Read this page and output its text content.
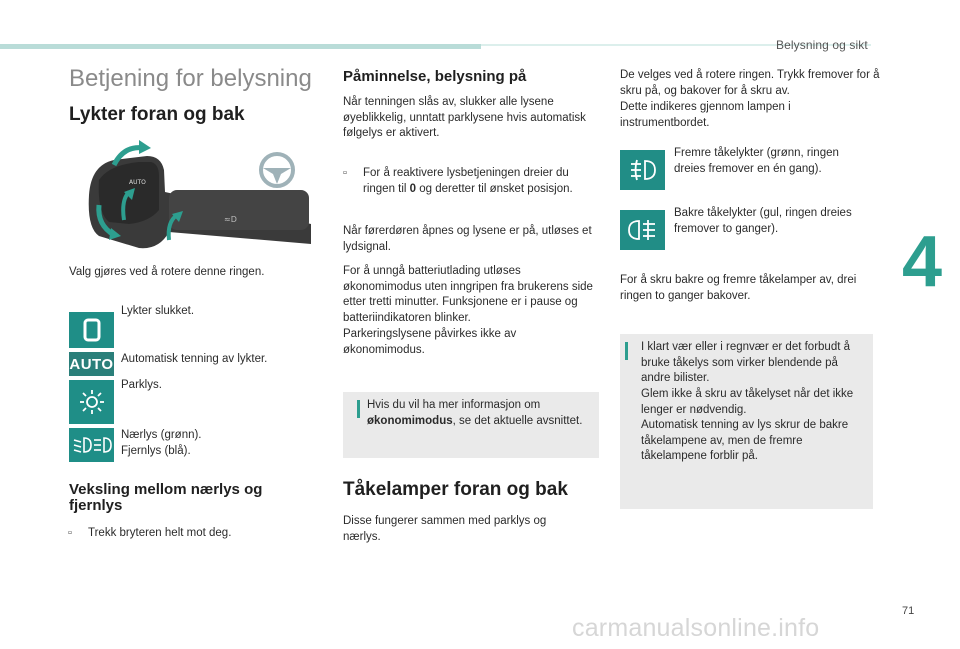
Belysning og sikt
4
71
carmanualsonline.info
Betjening for belysning
Lykter foran og bak
AUTO
≈D
Valg gjøres ved å rotere denne ringen.
Lykter slukket.
AUTO Automatisk tenning av lykter.
Parklys.
Nærlys (grønn).
Fjernlys (blå).
Veksling mellom nærlys og fjernlys
▫ Trekk bryteren helt mot deg.
Påminnelse, belysning på
Når tenningen slås av, slukker alle lysene øyeblikkelig, unntatt parklysene hvis automatisk følgelys er aktivert.
▫ For å reaktivere lysbetjeningen dreier du ringen til 0 og deretter til ønsket posisjon.
Når førerdøren åpnes og lysene er på, utløses et lydsignal.
For å unngå batteriutlading utløses økonomimodus uten inngripen fra brukerens side etter tretti minutter. Funksjonene er i pause og batteriindikatoren blinker.
Parkeringslysene påvirkes ikke av økonomimodus.
Hvis du vil ha mer informasjon om økonomimodus, se det aktuelle avsnittet.
Tåkelamper foran og bak
Disse fungerer sammen med parklys og nærlys.
De velges ved å rotere ringen. Trykk fremover for å skru på, og bakover for å skru av.
Dette indikeres gjennom lampen i instrumentbordet.
Fremre tåkelykter (grønn, ringen dreies fremover en én gang).
Bakre tåkelykter (gul, ringen dreies fremover to ganger).
For å skru bakre og fremre tåkelamper av, drei ringen to ganger bakover.
I klart vær eller i regnvær er det forbudt å bruke tåkelys som virker blendende på andre bilister.
Glem ikke å skru av tåkelyset når det ikke lenger er nødvendig.
Automatisk tenning av lys skrur de bakre tåkelampene av, men de fremre tåkelampene forblir på.
